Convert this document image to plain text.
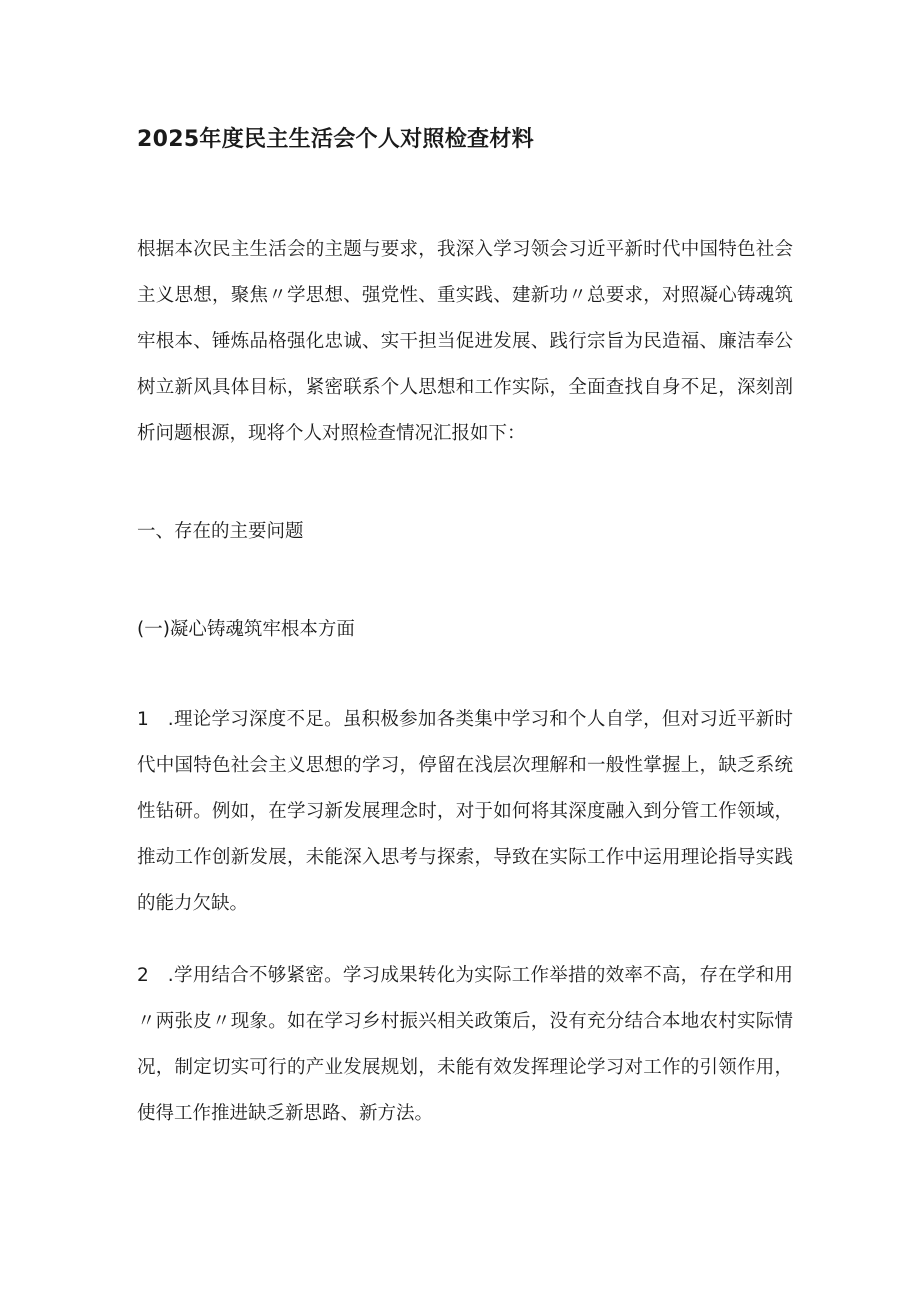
2025年度民主生活会个人对照检查材料

根据本次民主生活会的主题与要求，我深入学习领会习近平新时代中国特色社会主义思想，聚焦〃学思想、强党性、重实践、建新功〃总要求，对照凝心铸魂筑牢根本、锤炼品格强化忠诚、实干担当促进发展、践行宗旨为民造福、廉洁奉公树立新风具体目标，紧密联系个人思想和工作实际，全面查找自身不足，深刻剖析问题根源，现将个人对照检查情况汇报如下：

一、存在的主要问题

(一)凝心铸魂筑牢根本方面

1　.理论学习深度不足。虽积极参加各类集中学习和个人自学，但对习近平新时代中国特色社会主义思想的学习，停留在浅层次理解和一般性掌握上，缺乏系统性钻研。例如，在学习新发展理念时，对于如何将其深度融入到分管工作领域，推动工作创新发展，未能深入思考与探索，导致在实际工作中运用理论指导实践的能力欠缺。

2　.学用结合不够紧密。学习成果转化为实际工作举措的效率不高，存在学和用〃两张皮〃现象。如在学习乡村振兴相关政策后，没有充分结合本地农村实际情况，制定切实可行的产业发展规划，未能有效发挥理论学习对工作的引领作用，使得工作推进缺乏新思路、新方法。
